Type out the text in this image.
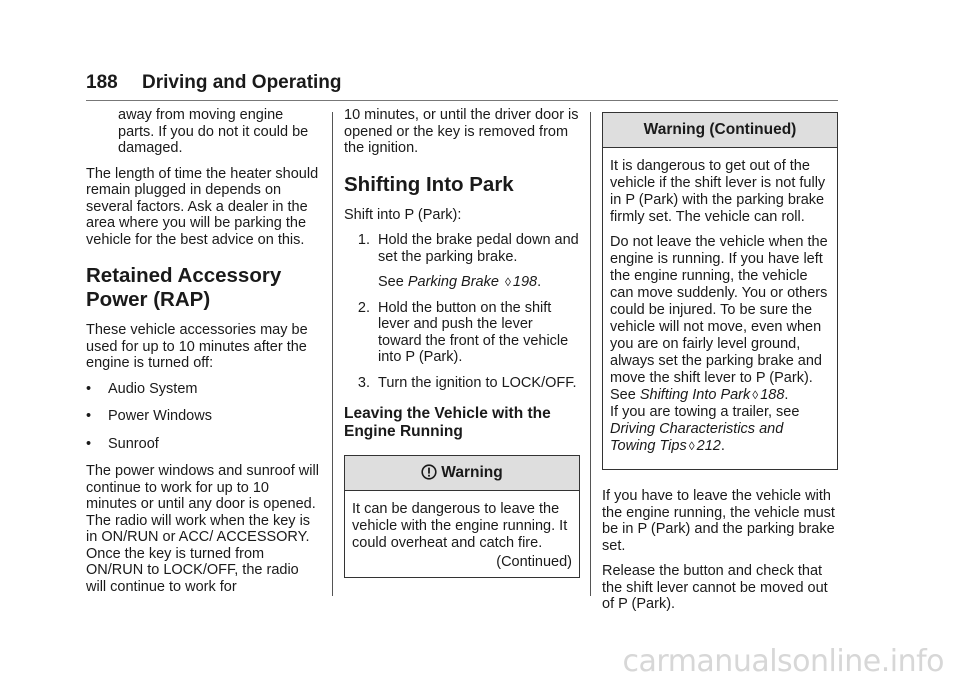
188 Driving and Operating

away from moving engine parts. If you do not it could be damaged.

The length of time the heater should remain plugged in depends on several factors. Ask a dealer in the area where you will be parking the vehicle for the best advice on this.

Retained Accessory
Power (RAP)

These vehicle accessories may be used for up to 10 minutes after the engine is turned off:

•	Audio System
•	Power Windows
•	Sunroof

The power windows and sunroof will continue to work for up to 10 minutes or until any door is opened. The radio will work when the key is in ON/RUN or ACC/ ACCESSORY. Once the key is turned from ON/RUN to LOCK/OFF, the radio will continue to work for

10 minutes, or until the driver door is opened or the key is removed from the ignition.

Shifting Into Park

Shift into P (Park):

1. Hold the brake pedal down and set the parking brake.
See Parking Brake ◊ 198.
2. Hold the button on the shift lever and push the lever toward the front of the vehicle into P (Park).
3. Turn the ignition to LOCK/OFF.
Leaving the Vehicle with the
Engine Running
Warning

It can be dangerous to leave the vehicle with the engine running. It could overheat and catch fire.

(Continued)
Warning (Continued)

It is dangerous to get out of the vehicle if the shift lever is not fully in P (Park) with the parking brake firmly set. The vehicle can roll.

Do not leave the vehicle when the engine is running. If you have left the engine running, the vehicle can move suddenly. You or others could be injured. To be sure the vehicle will not move, even when you are on fairly level ground, always set the parking brake and move the shift lever to P (Park). See Shifting Into Park ◊ 188.

If you are towing a trailer, see Driving Characteristics and Towing Tips ◊ 212.

If you have to leave the vehicle with the engine running, the vehicle must be in P (Park) and the parking brake set.

Release the button and check that the shift lever cannot be moved out of P (Park).

carmanualsonline.info
